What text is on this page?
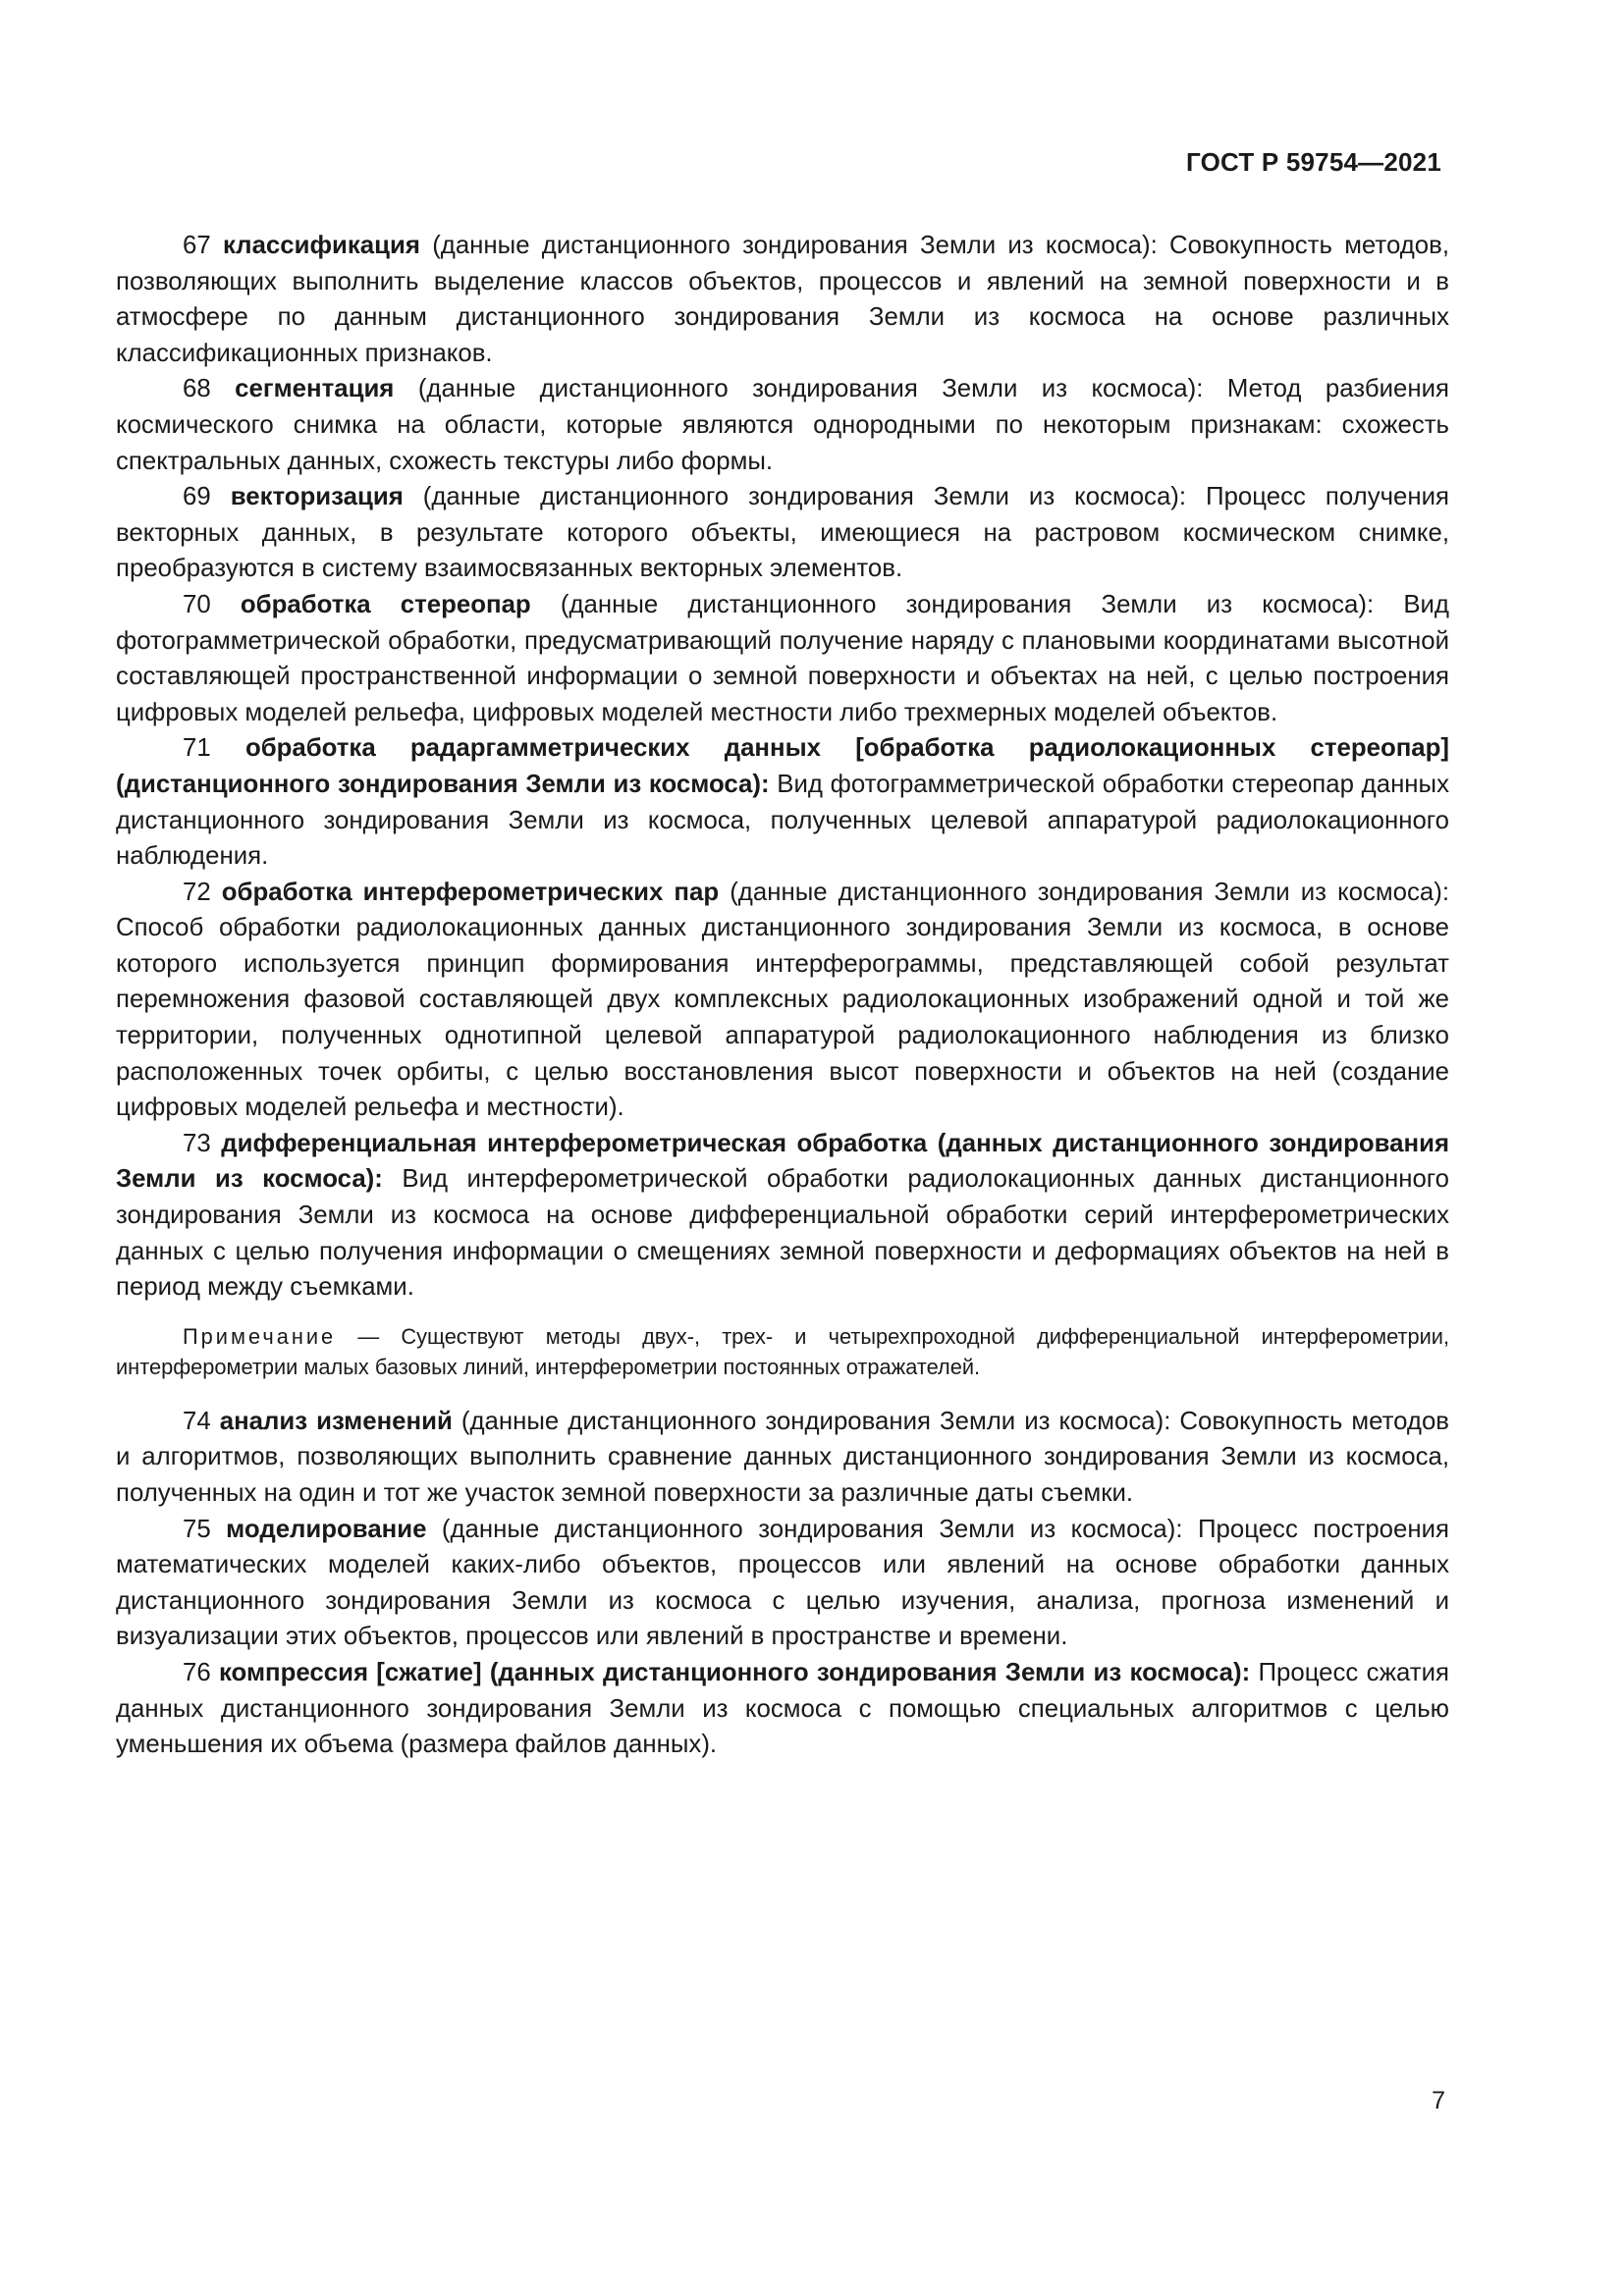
ГОСТ Р 59754—2021

67 классификация (данные дистанционного зондирования Земли из космоса): Совокупность методов, позволяющих выполнить выделение классов объектов, процессов и явлений на земной поверхности и в атмосфере по данным дистанционного зондирования Земли из космоса на основе различных классификационных признаков.

68 сегментация (данные дистанционного зондирования Земли из космоса): Метод разбиения космического снимка на области, которые являются однородными по некоторым признакам: схожесть спектральных данных, схожесть текстуры либо формы.

69 векторизация (данные дистанционного зондирования Земли из космоса): Процесс получения векторных данных, в результате которого объекты, имеющиеся на растровом космическом снимке, преобразуются в систему взаимосвязанных векторных элементов.

70 обработка стереопар (данные дистанционного зондирования Земли из космоса): Вид фотограмметрической обработки, предусматривающий получение наряду с плановыми координатами высотной составляющей пространственной информации о земной поверхности и объектах на ней, с целью построения цифровых моделей рельефа, цифровых моделей местности либо трехмерных моделей объектов.

71 обработка радаргамметрических данных [обработка радиолокационных стереопар] (дистанционного зондирования Земли из космоса): Вид фотограмметрической обработки стереопар данных дистанционного зондирования Земли из космоса, полученных целевой аппаратурой радиолокационного наблюдения.

72 обработка интерферометрических пар (данные дистанционного зондирования Земли из космоса): Способ обработки радиолокационных данных дистанционного зондирования Земли из космоса, в основе которого используется принцип формирования интерферограммы, представляющей собой результат перемножения фазовой составляющей двух комплексных радиолокационных изображений одной и той же территории, полученных однотипной целевой аппаратурой радиолокационного наблюдения из близко расположенных точек орбиты, с целью восстановления высот поверхности и объектов на ней (создание цифровых моделей рельефа и местности).

73 дифференциальная интерферометрическая обработка (данных дистанционного зондирования Земли из космоса): Вид интерферометрической обработки радиолокационных данных дистанционного зондирования Земли из космоса на основе дифференциальной обработки серий интерферометрических данных с целью получения информации о смещениях земной поверхности и деформациях объектов на ней в период между съемками.

Примечание — Существуют методы двух-, трех- и четырехпроходной дифференциальной интерферометрии, интерферометрии малых базовых линий, интерферометрии постоянных отражателей.

74 анализ изменений (данные дистанционного зондирования Земли из космоса): Совокупность методов и алгоритмов, позволяющих выполнить сравнение данных дистанционного зондирования Земли из космоса, полученных на один и тот же участок земной поверхности за различные даты съемки.

75 моделирование (данные дистанционного зондирования Земли из космоса): Процесс построения математических моделей каких-либо объектов, процессов или явлений на основе обработки данных дистанционного зондирования Земли из космоса с целью изучения, анализа, прогноза изменений и визуализации этих объектов, процессов или явлений в пространстве и времени.

76 компрессия [сжатие] (данных дистанционного зондирования Земли из космоса): Процесс сжатия данных дистанционного зондирования Земли из космоса с помощью специальных алгоритмов с целью уменьшения их объема (размера файлов данных).

7
